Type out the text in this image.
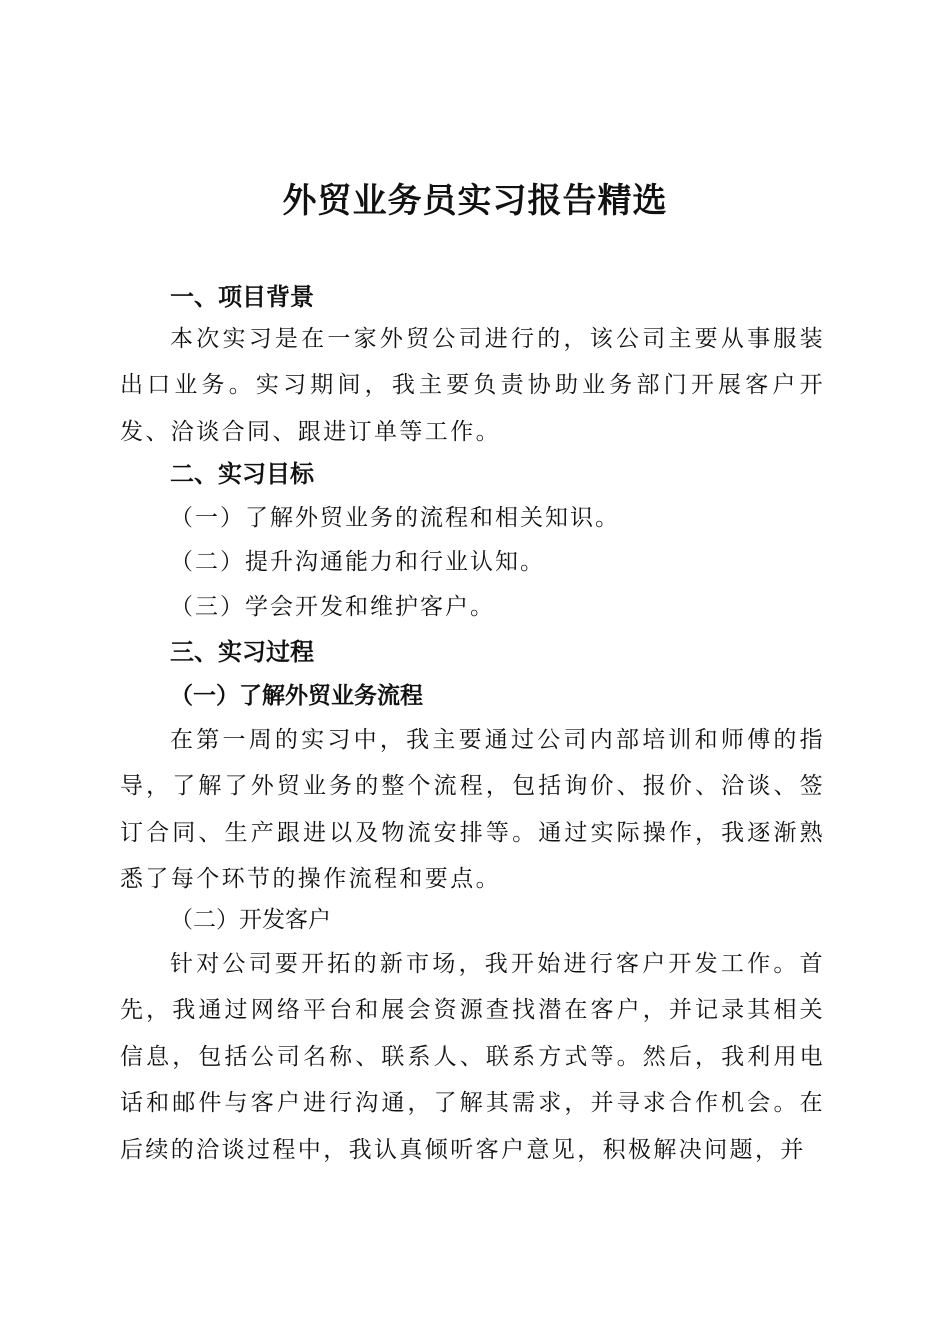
外贸业务员实习报告精选
一、项目背景
本次实习是在一家外贸公司进行的，该公司主要从事服装出口业务。实习期间，我主要负责协助业务部门开展客户开发、洽谈合同、跟进订单等工作。
二、实习目标
（一）了解外贸业务的流程和相关知识。
（二）提升沟通能力和行业认知。
（三）学会开发和维护客户。
三、实习过程
（一）了解外贸业务流程
在第一周的实习中，我主要通过公司内部培训和师傅的指导，了解了外贸业务的整个流程，包括询价、报价、洽谈、签订合同、生产跟进以及物流安排等。通过实际操作，我逐渐熟悉了每个环节的操作流程和要点。
（二）开发客户
针对公司要开拓的新市场，我开始进行客户开发工作。首先，我通过网络平台和展会资源查找潜在客户，并记录其相关信息，包括公司名称、联系人、联系方式等。然后，我利用电话和邮件与客户进行沟通，了解其需求，并寻求合作机会。在后续的洽谈过程中，我认真倾听客户意见，积极解决问题，并
